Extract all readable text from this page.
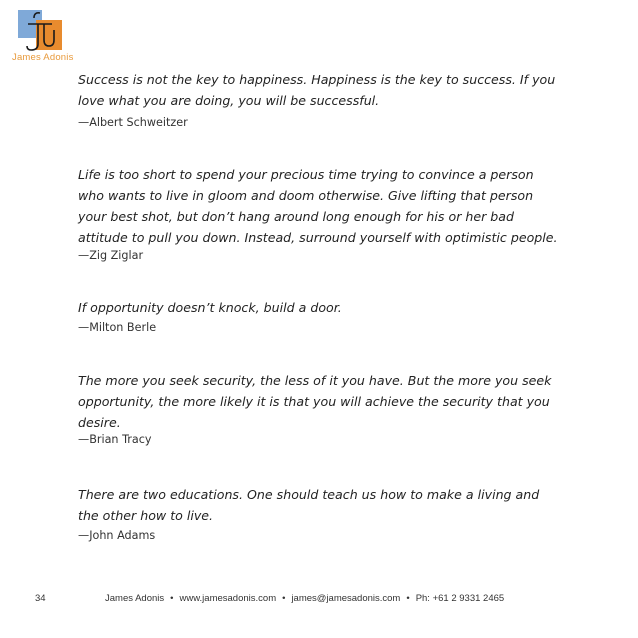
James Adonis
Success is not the key to happiness. Happiness is the key to success. If you love what you are doing, you will be successful.
—Albert Schweitzer
Life is too short to spend your precious time trying to convince a person who wants to live in gloom and doom otherwise. Give lifting that person your best shot, but don’t hang around long enough for his or her bad attitude to pull you down. Instead, surround yourself with optimistic people.
—Zig Ziglar
If opportunity doesn’t knock, build a door.
—Milton Berle
The more you seek security, the less of it you have. But the more you seek opportunity, the more likely it is that you will achieve the security that you desire.
—Brian Tracy
There are two educations. One should teach us how to make a living and the other how to live.
—John Adams
34	James Adonis • www.jamesadonis.com • james@jamesadonis.com • Ph: +61 2 9331 2465
